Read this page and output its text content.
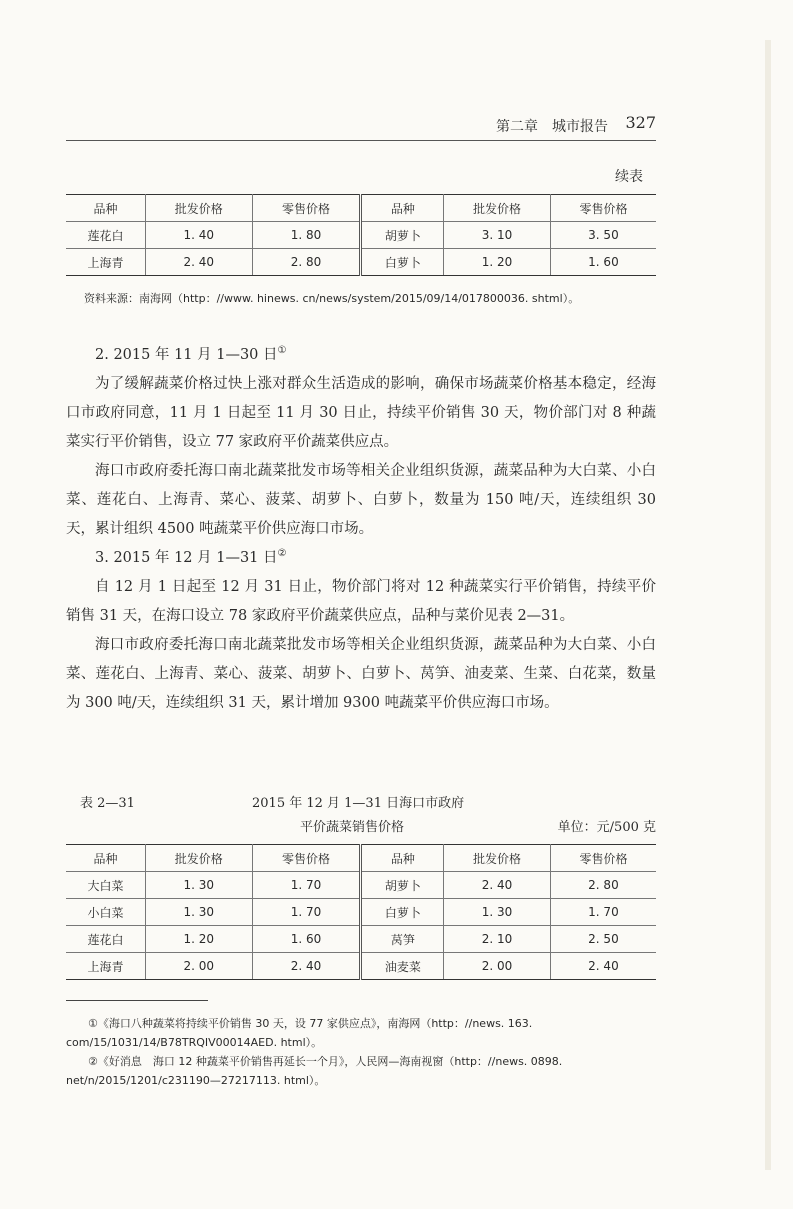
第二章　城市报告 327
续表
品种	批发价格	零售价格	品种	批发价格	零售价格
莲花白	1. 40	1. 80	胡萝卜	3. 10	3. 50
上海青	2. 40	2. 80	白萝卜	1. 20	1. 60
资料来源：南海网（http：//www. hinews. cn/news/system/2015/09/14/017800036. shtml）。
2. 2015 年 11 月 1—30 日①

为了缓解蔬菜价格过快上涨对群众生活造成的影响，确保市场蔬菜价格基本稳定，经海口市政府同意，11 月 1 日起至 11 月 30 日止，持续平价销售 30 天，物价部门对 8 种蔬菜实行平价销售，设立 77 家政府平价蔬菜供应点。

海口市政府委托海口南北蔬菜批发市场等相关企业组织货源，蔬菜品种为大白菜、小白菜、莲花白、上海青、菜心、菠菜、胡萝卜、白萝卜，数量为 150 吨/天，连续组织 30 天，累计组织 4500 吨蔬菜平价供应海口市场。

3. 2015 年 12 月 1—31 日②

自 12 月 1 日起至 12 月 31 日止，物价部门将对 12 种蔬菜实行平价销售，持续平价销售 31 天，在海口设立 78 家政府平价蔬菜供应点，品种与菜价见表 2—31。

海口市政府委托海口南北蔬菜批发市场等相关企业组织货源，蔬菜品种为大白菜、小白菜、莲花白、上海青、菜心、菠菜、胡萝卜、白萝卜、莴笋、油麦菜、生菜、白花菜，数量为 300 吨/天，连续组织 31 天，累计增加 9300 吨蔬菜平价供应海口市场。

表 2—31	2015 年 12 月 1—31 日海口市政府
平价蔬菜销售价格	单位：元/500 克
品种	批发价格	零售价格	品种	批发价格	零售价格
大白菜	1. 30	1. 70	胡萝卜	2. 40	2. 80
小白菜	1. 30	1. 70	白萝卜	1. 30	1. 70
莲花白	1. 20	1. 60	莴笋	2. 10	2. 50
上海青	2. 00	2. 40	油麦菜	2. 00	2. 40

①《海口八种蔬菜将持续平价销售 30 天，设 77 家供应点》，南海网（http：//news. 163. com/15/1031/14/B78TRQIV00014AED. html）。

②《好消息　海口 12 种蔬菜平价销售再延长一个月》，人民网—海南视窗（http：//news. 0898. net/n/2015/1201/c231190—27217113. html）。
